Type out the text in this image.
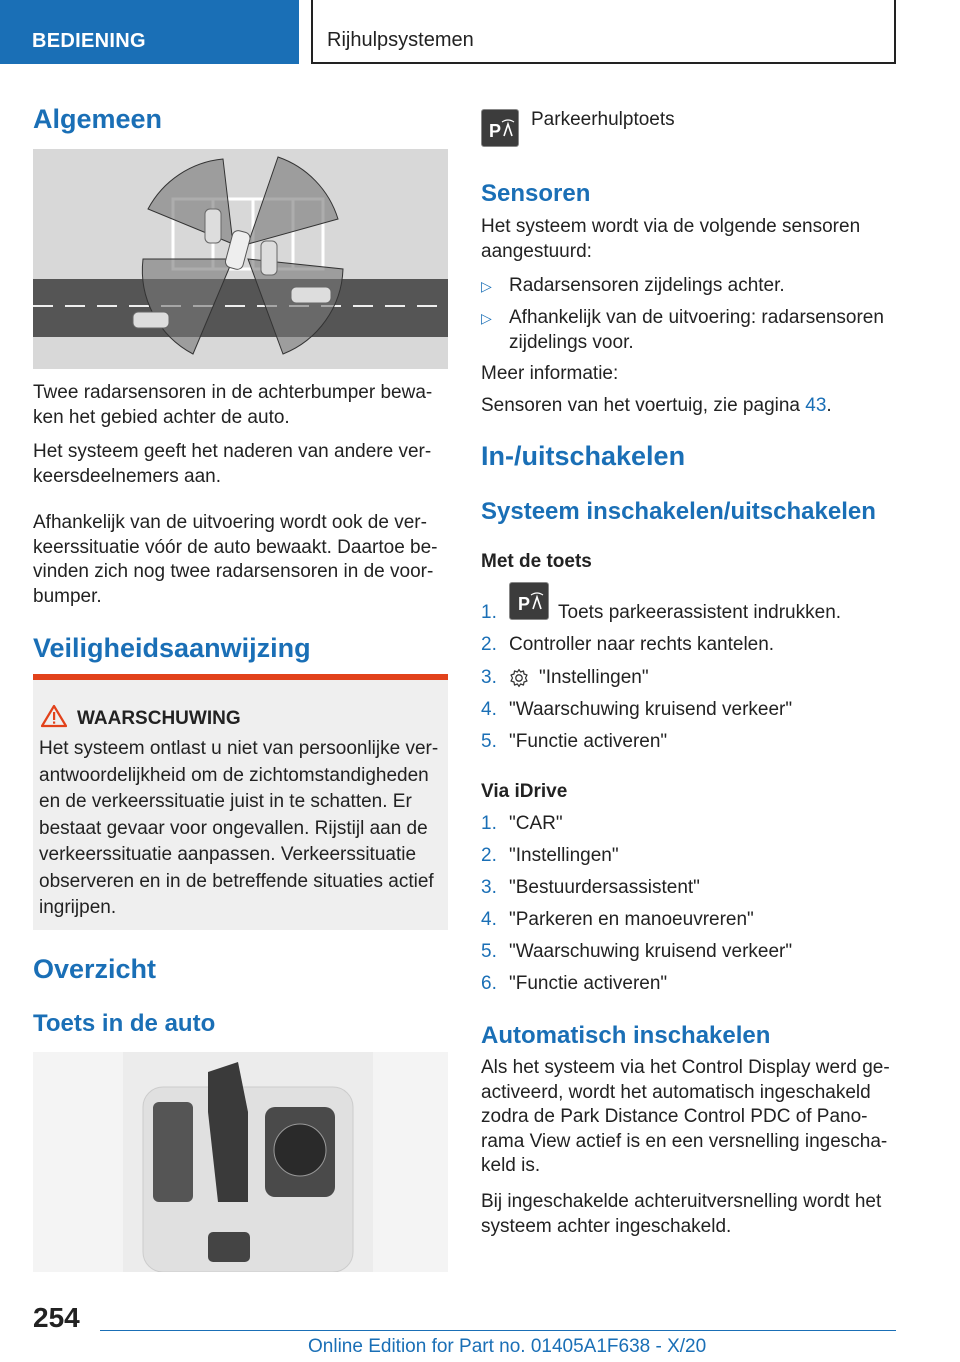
BEDIENING	Rijhulpsystemen
Algemeen

Twee radarsensoren in de achterbumper bewa- ken het gebied achter de auto.

Het systeem geeft het naderen van andere ver- keersdeelnemers aan.

Afhankelijk van de uitvoering wordt ook de ver- keerssituatie vóór de auto bewaakt. Daartoe be- vinden zich nog twee radarsensoren in de voor- bumper.

Veiligheidsaanwijzing
WAARSCHUWING
Het systeem ontlast u niet van persoonlijke ver- antwoordelijkheid om de zichtomstandigheden en de verkeerssituatie juist in te schatten. Er bestaat gevaar voor ongevallen. Rijstijl aan de verkeerssituatie aanpassen. Verkeerssituatie observeren en in de betreffende situaties actief ingrijpen.
Overzicht
Toets in de auto
P

Parkeerhulptoets

Sensoren

Het systeem wordt via de volgende sensoren aangestuurd:

▷ Radarsensoren zijdelings achter.
▷ Afhankelijk van de uitvoering: radarsensoren zijdelings voor.

Meer informatie:

Sensoren van het voertuig, zie pagina 43.

In-/uitschakelen
Systeem inschakelen/uitschakelen
Met de toets
1. P Toets parkeerassistent indrukken.
2. Controller naar rechts kantelen.
3. "Instellingen"
4. "Waarschuwing kruisend verkeer"
5. "Functie activeren"
Via iDrive
1. "CAR"
2. "Instellingen"
3. "Bestuurdersassistent"
4. "Parkeren en manoeuvreren"
5. "Waarschuwing kruisend verkeer"
6. "Functie activeren"
Automatisch inschakelen

Als het systeem via het Control Display werd ge- activeerd, wordt het automatisch ingeschakeld zodra de Park Distance Control PDC of Pano- rama View actief is en een versnelling ingescha- keld is.

Bij ingeschakelde achteruitversnelling wordt het systeem achter ingeschakeld.

254
Online Edition for Part no. 01405A1F638 - X/20
